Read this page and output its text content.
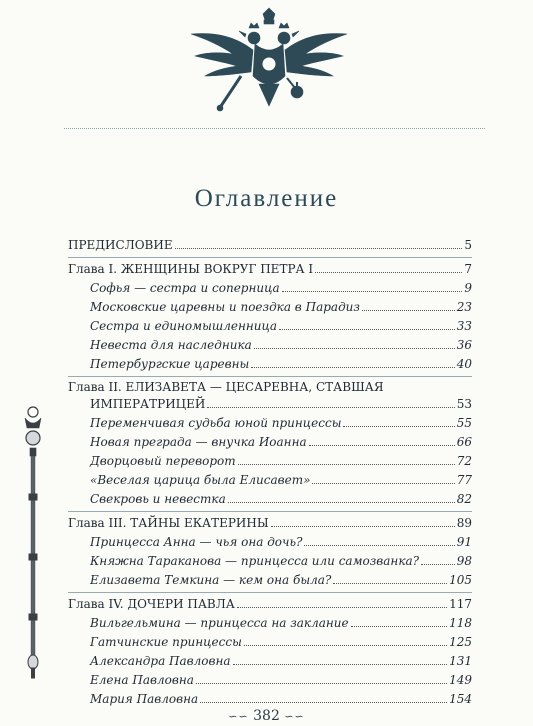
Оглавление
ПРЕДИСЛОВИЕ	5
Глава I. ЖЕНЩИНЫ ВОКРУГ ПЕТРА I	7
Софья — сестра и соперница	9
Московские царевны и поездка в Парадиз	23
Сестра и единомышленница	33
Невеста для наследника	36
Петербургские царевны	40
Глава II. ЕЛИЗАВЕТА — ЦЕСАРЕВНА, СТАВШАЯ
ИМПЕРАТРИЦЕЙ	53
Переменчивая судьба юной принцессы	55
Новая преграда — внучка Иоанна	66
Дворцовый переворот	72
«Веселая царица была Елисавет»	77
Свекровь и невестка	82
Глава III. ТАЙНЫ ЕКАТЕРИНЫ	89
Принцесса Анна — чья она дочь?	91
Княжна Тараканова — принцесса или самозванка?	98
Елизавета Темкина — кем она была?	105
Глава IV. ДОЧЕРИ ПАВЛА	117
Вильгельмина — принцесса на заклание	118
Гатчинские принцессы	125
Александра Павловна	131
Елена Павловна	149
Мария Павловна	154
∽∽ 382 ∽∽
